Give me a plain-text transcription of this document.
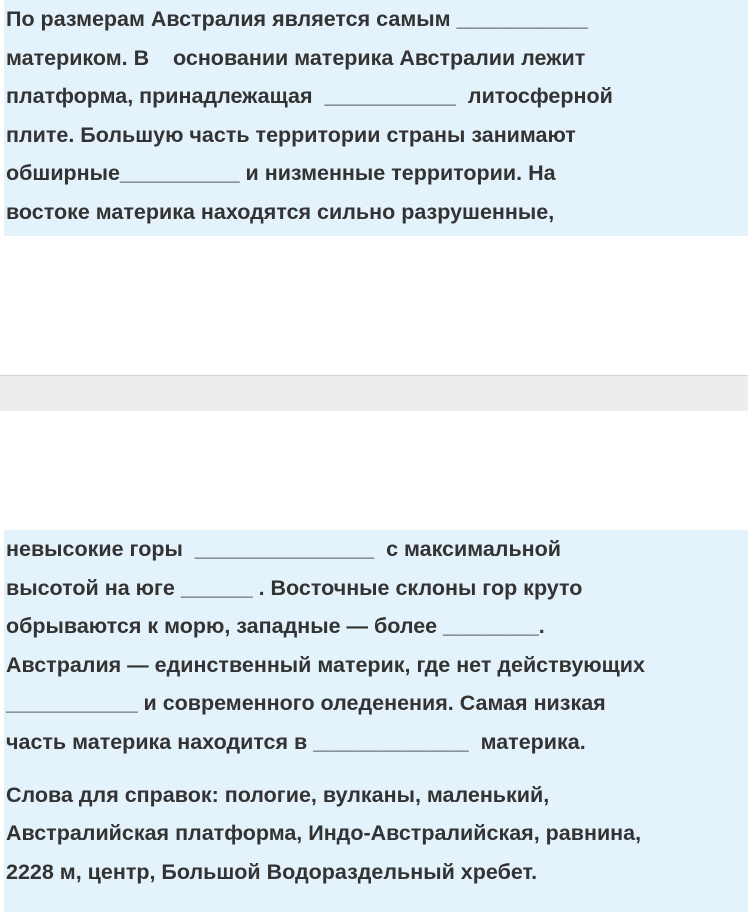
По размерам Австралия является самым ___________
материком. В    основании материка Австралии лежит
платформа, принадлежащая  ___________  литосферной
плите. Большую часть территории страны занимают
обширные__________ и низменные территории. На
востоке материка находятся сильно разрушенные,
невысокие горы  _______________  с максимальной
высотой на юге ______ . Восточные склоны гор круто
обрываются к морю, западные — более ________.
Австралия — единственный материк, где нет действующих
___________ и современного оледенения. Самая низкая
часть материка находится в _____________  материка.
Слова для справок: пологие, вулканы, маленький,
Австралийская платформа, Индо-Австралийская, равнина,
2228 м, центр, Большой Водораздельный хребет.
